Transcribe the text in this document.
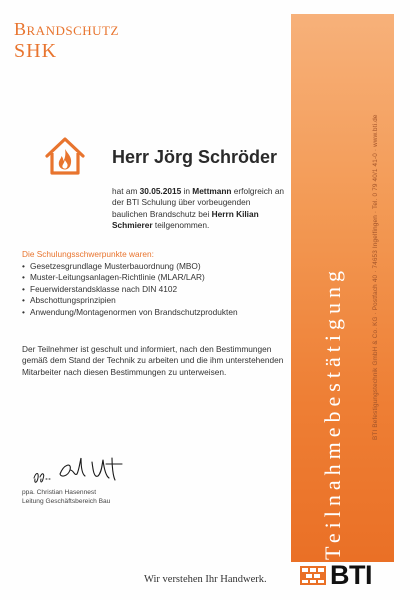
Brandschutz
SHK
Teilnahmebestätigung	BTI Befestigungstechnik GmbH & Co. KG · Postfach 40 · 74653 Ingelfingen · Tel. 0 79 40/1 41-0 · www.bti.de
Herr Jörg Schröder
hat am 30.05.2015 in Mettmann erfolgreich an der BTI Schulung über vorbeugenden baulichen Brandschutz bei Herrn Kilian Schmierer teilgenommen.
Die Schulungsschwerpunkte waren:
• Gesetzesgrundlage Musterbauordnung (MBO)
• Muster-Leitungsanlagen-Richtlinie (MLAR/LAR)
• Feuerwiderstandsklasse nach DIN 4102
• Abschottungsprinzipien
• Anwendung/Montagenormen von Brandschutzprodukten
Der Teilnehmer ist geschult und informiert, nach den Bestimmungen gemäß dem Stand der Technik zu arbeiten und die ihm unterstehenden Mitarbeiter nach diesen Bestimmungen zu unterweisen.
ppa. Christian Hasennest
Leitung Geschäftsbereich Bau
Wir verstehen Ihr Handwerk. BTI
